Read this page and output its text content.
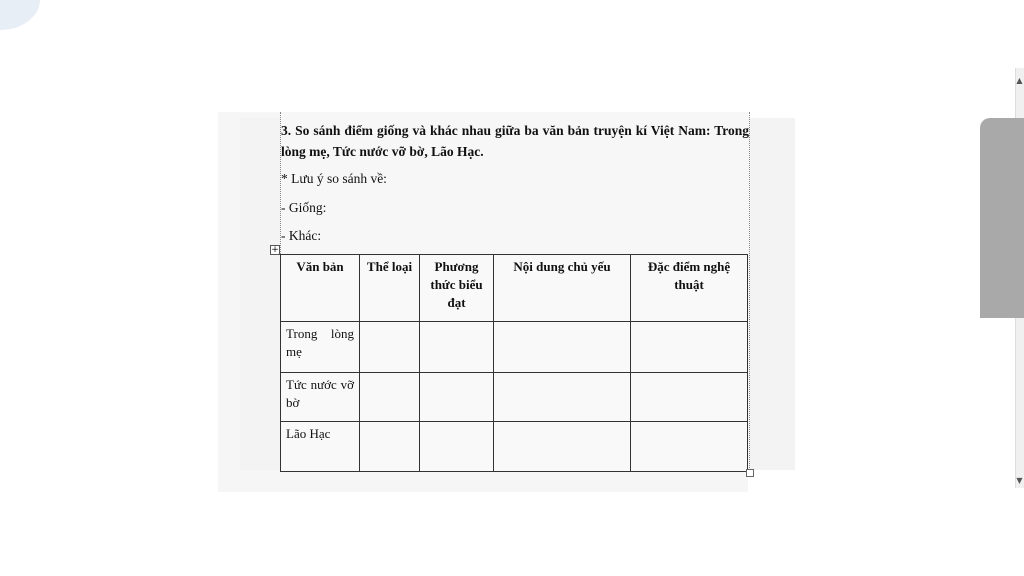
3. So sánh điểm giống và khác nhau giữa ba văn bản truyện kí Việt Nam: Trong lòng mẹ, Tức nước vỡ bờ, Lão Hạc.
* Lưu ý so sánh về:
- Giống:
- Khác:
+
Văn bản	Thể loại	Phương thức biểu đạt	Nội dung chủ yếu	Đặc điểm nghệ thuật
Trong lòng mẹ				
Tức nước vỡ bờ				
Lão Hạc				
▲
▼
